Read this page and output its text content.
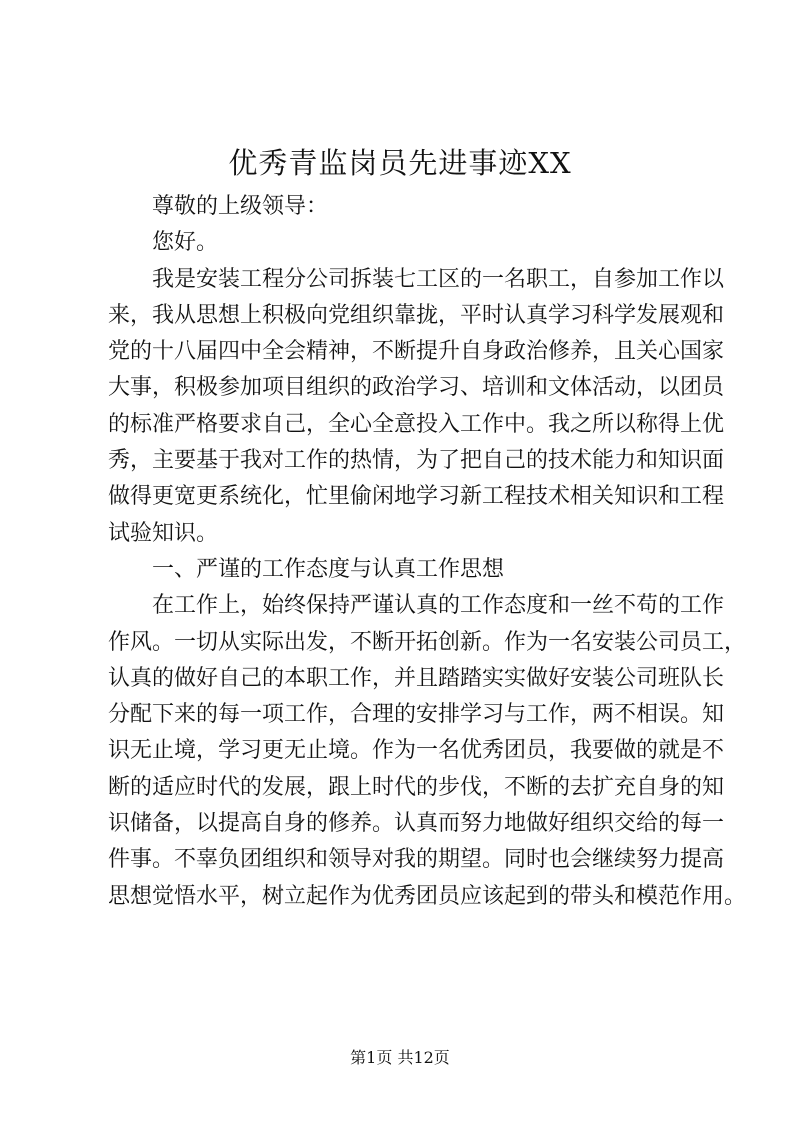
优秀青监岗员先进事迹XX
尊敬的上级领导：
您好。
我是安装工程分公司拆装七工区的一名职工，自参加工作以
来，我从思想上积极向党组织靠拢，平时认真学习科学发展观和
党的十八届四中全会精神，不断提升自身政治修养，且关心国家
大事，积极参加项目组织的政治学习、培训和文体活动，以团员
的标准严格要求自己，全心全意投入工作中。我之所以称得上优
秀，主要基于我对工作的热情，为了把自己的技术能力和知识面
做得更宽更系统化，忙里偷闲地学习新工程技术相关知识和工程
试验知识。
一、严谨的工作态度与认真工作思想
在工作上，始终保持严谨认真的工作态度和一丝不苟的工作
作风。一切从实际出发，不断开拓创新。作为一名安装公司员工，
认真的做好自己的本职工作，并且踏踏实实做好安装公司班队长
分配下来的每一项工作，合理的安排学习与工作，两不相误。知
识无止境，学习更无止境。作为一名优秀团员，我要做的就是不
断的适应时代的发展，跟上时代的步伐，不断的去扩充自身的知
识储备，以提高自身的修养。认真而努力地做好组织交给的每一
件事。不辜负团组织和领导对我的期望。同时也会继续努力提高
思想觉悟水平，树立起作为优秀团员应该起到的带头和模范作用。
第1页 共12页
